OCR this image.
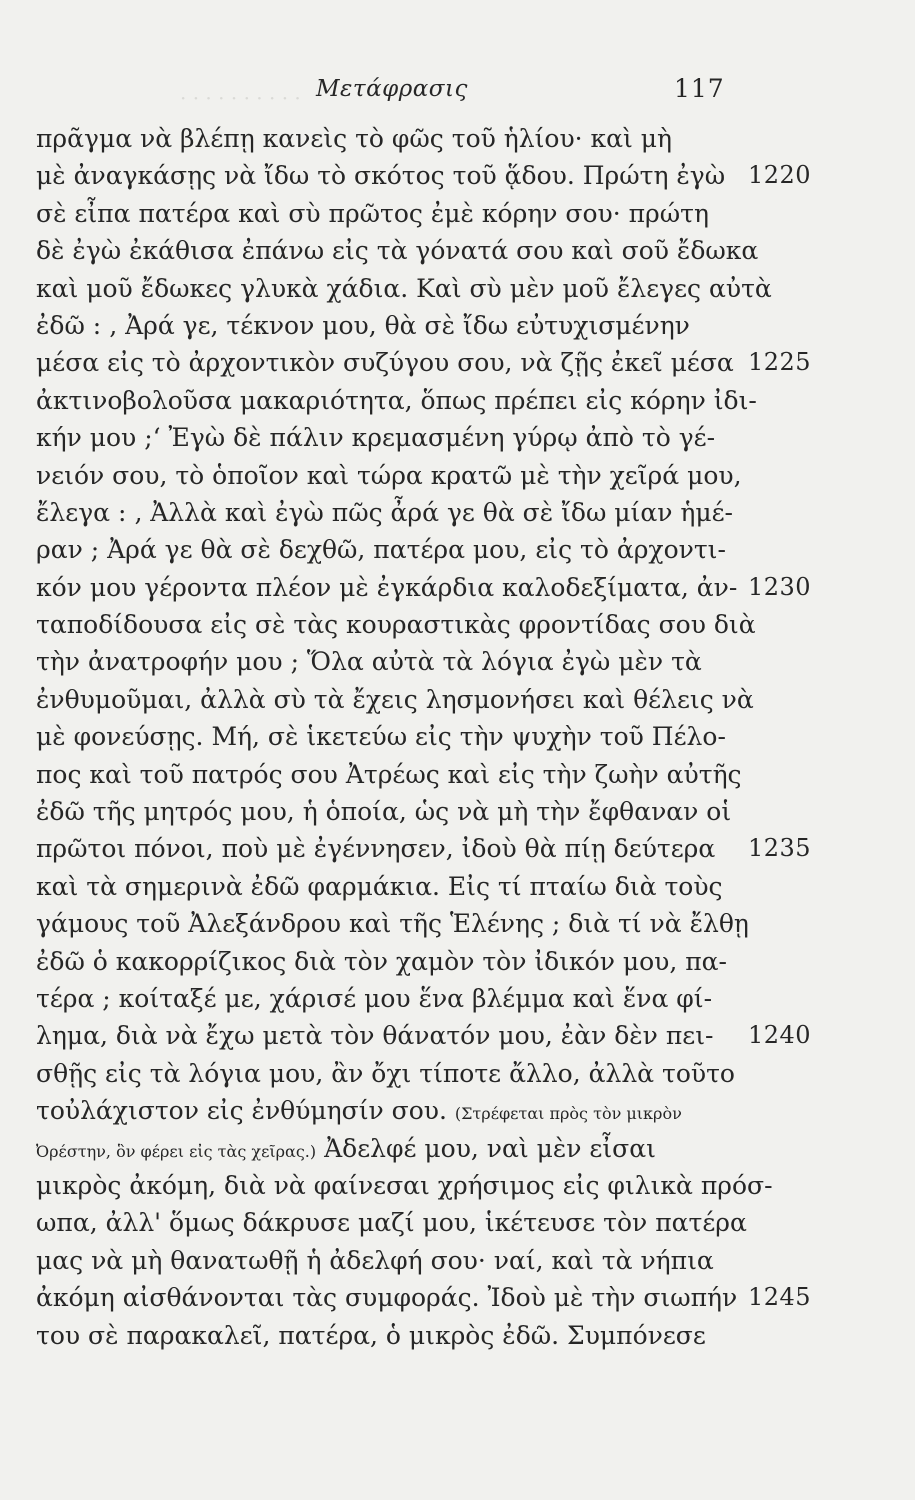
· · · · · · · · · · Μετάφρασις	117
πρᾶγμα νὰ βλέπῃ κανεὶς τὸ φῶς τοῦ ἡλίου· καὶ μὴ
μὲ ἀναγκάσῃς νὰ ἴδω τὸ σκότος τοῦ ᾅδου. Πρώτη ἐγὼ 1220
σὲ εἶπα πατέρα καὶ σὺ πρῶτος ἐμὲ κόρην σου· πρώτη
δὲ ἐγὼ ἐκάθισα ἐπάνω εἰς τὰ γόνατά σου καὶ σοῦ ἔδωκα
καὶ μοῦ ἔδωκες γλυκὰ χάδια. Καὶ σὺ μὲν μοῦ ἔλεγες αὐτὰ
ἐδῶ : ‚ Ἀρά γε, τέκνον μου, θὰ σὲ ἴδω εὐτυχισμένην
μέσα εἰς τὸ ἀρχοντικὸν συζύγου σου, νὰ ζῇς ἐκεῖ μέσα 1225
ἀκτινοβολοῦσα μακαριότητα, ὅπως πρέπει εἰς κόρην ἰδι-
κήν μου ;‘ Ἐγὼ δὲ πάλιν κρεμασμένη γύρῳ ἀπὸ τὸ γέ-
νειόν σου, τὸ ὁποῖον καὶ τώρα κρατῶ μὲ τὴν χεῖρά μου,
ἔλεγα : ‚ Ἀλλὰ καὶ ἐγὼ πῶς ἆρά γε θὰ σὲ ἴδω μίαν ἡμέ-
ραν ; Ἀρά γε θὰ σὲ δεχθῶ, πατέρα μου, εἰς τὸ ἀρχοντι-
κόν μου γέροντα πλέον μὲ ἐγκάρδια καλοδεξίματα, ἀν- 1230
ταποδίδουσα εἰς σὲ τὰς κουραστικὰς φροντίδας σου διὰ
τὴν ἀνατροφήν μου ; Ὅλα αὐτὰ τὰ λόγια ἐγὼ μὲν τὰ
ἐνθυμοῦμαι, ἀλλὰ σὺ τὰ ἔχεις λησμονήσει καὶ θέλεις νὰ
μὲ φονεύσῃς. Μή, σὲ ἱκετεύω εἰς τὴν ψυχὴν τοῦ Πέλο-
πος καὶ τοῦ πατρός σου Ἀτρέως καὶ εἰς τὴν ζωὴν αὐτῆς
ἐδῶ τῆς μητρός μου, ἡ ὁποία, ὡς νὰ μὴ τὴν ἔφθαναν οἱ
πρῶτοι πόνοι, ποὺ μὲ ἐγέννησεν, ἰδοὺ θὰ πίῃ δεύτερα 1235
καὶ τὰ σημερινὰ ἐδῶ φαρμάκια. Εἰς τί πταίω διὰ τοὺς
γάμους τοῦ Ἀλεξάνδρου καὶ τῆς Ἑλένης ; διὰ τί νὰ ἔλθῃ
ἐδῶ ὁ κακορρίζικος διὰ τὸν χαμὸν τὸν ἰδικόν μου, πα-
τέρα ; κοίταξέ με, χάρισέ μου ἕνα βλέμμα καὶ ἕνα φί-
λημα, διὰ νὰ ἔχω μετὰ τὸν θάνατόν μου, ἐὰν δὲν πει- 1240
σθῇς εἰς τὰ λόγια μου, ἂν ὄχι τίποτε ἄλλο, ἀλλὰ τοῦτο
τοὐλάχιστον εἰς ἐνθύμησίν σου. (Στρέφεται πρὸς τὸν μικρὸν
Ὀρέστην, ὃν φέρει εἰς τὰς χεῖρας.) Ἀδελφέ μου, ναὶ μὲν εἶσαι
μικρὸς ἀκόμη, διὰ νὰ φαίνεσαι χρήσιμος εἰς φιλικὰ πρόσ-
ωπα, ἀλλ' ὅμως δάκρυσε μαζί μου, ἱκέτευσε τὸν πατέρα
μας νὰ μὴ θανατωθῇ ἡ ἀδελφή σου· ναί, καὶ τὰ νήπια
ἀκόμη αἰσθάνονται τὰς συμφοράς. Ἰδοὺ μὲ τὴν σιωπήν 1245
του σὲ παρακαλεῖ, πατέρα, ὁ μικρὸς ἐδῶ. Συμπόνεσε
